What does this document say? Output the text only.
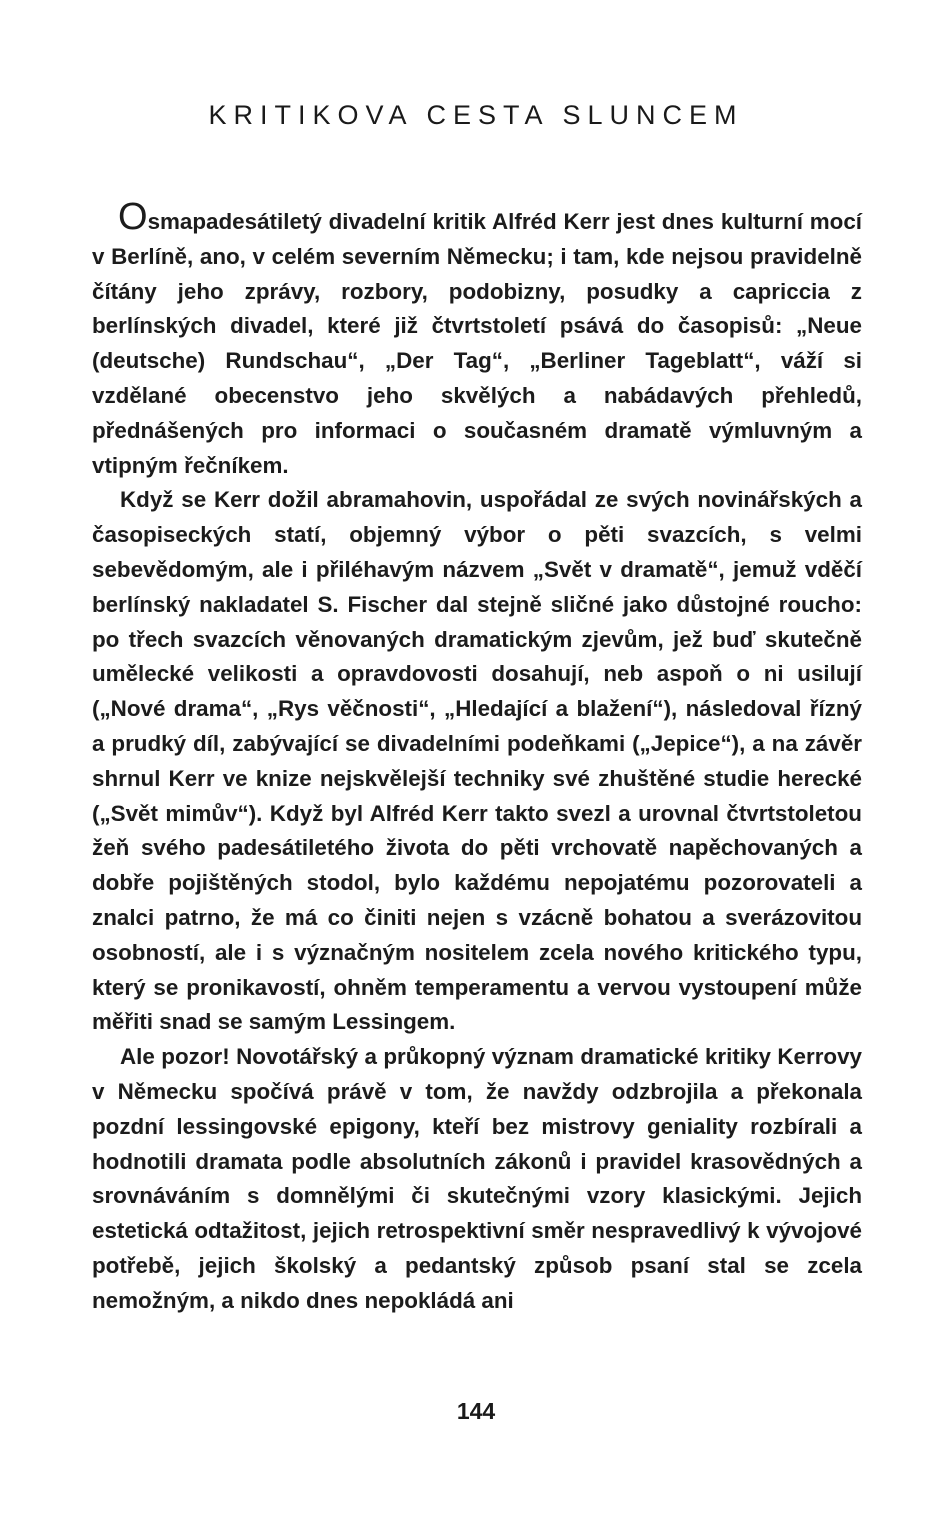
KRITIKOVA CESTA SLUNCEM

Osmapadesátiletý divadelní kritik Alfréd Kerr jest dnes kulturní mocí v Berlíně, ano, v celém severním Německu; i tam, kde nejsou pravidelně čítány jeho zprávy, rozbory, podobizny, posudky a capriccia z berlínských divadel, které již čtvrtstoletí psává do časopisů: „Neue (deutsche) Rundschau“, „Der Tag“, „Berliner Tageblatt“, váží si vzdělané obecenstvo jeho skvělých a nabádavých přehledů, přednášených pro informaci o současném dramatě výmluvným a vtipným řečníkem.

Když se Kerr dožil abramahovin, uspořádal ze svých novinářských a časopiseckých statí, objemný výbor o pěti svazcích, s velmi sebevědomým, ale i přiléhavým názvem „Svět v dramatě“, jemuž vděčí berlínský nakladatel S. Fischer dal stejně sličné jako důstojné roucho: po třech svazcích věnovaných dramatickým zjevům, jež buď skutečně umělecké velikosti a opravdovosti dosahují, neb aspoň o ni usilují („Nové drama“, „Rys věčnosti“, „Hledající a blažení“), následoval řízný a prudký díl, zabývající se divadelními podeňkami („Jepice“), a na závěr shrnul Kerr ve knize nejskvělejší techniky své zhuštěné studie herecké („Svět mimův“). Když byl Alfréd Kerr takto svezl a urovnal čtvrtstoletou žeň svého padesátiletého života do pěti vrchovatě napěchovaných a dobře pojištěných stodol, bylo každému nepojatému pozorovateli a znalci patrno, že má co činiti nejen s vzácně bohatou a sverázovitou osobností, ale i s význačným nositelem zcela nového kritického typu, který se pronikavostí, ohněm temperamentu a vervou vystoupení může měřiti snad se samým Lessingem.

Ale pozor! Novotářský a průkopný význam dramatické kritiky Kerrovy v Německu spočívá právě v tom, že navždy odzbrojila a překonala pozdní lessingovské epigony, kteří bez mistrovy geniality rozbírali a hodnotili dramata podle absolutních zákonů i pravidel krasovědných a srovnáváním s domnělými či skutečnými vzory klasickými. Jejich estetická odtažitost, jejich retrospektivní směr nespravedlivý k vývojové potřebě, jejich školský a pedantský způsob psaní stal se zcela nemožným, a nikdo dnes nepokládá ani

144
